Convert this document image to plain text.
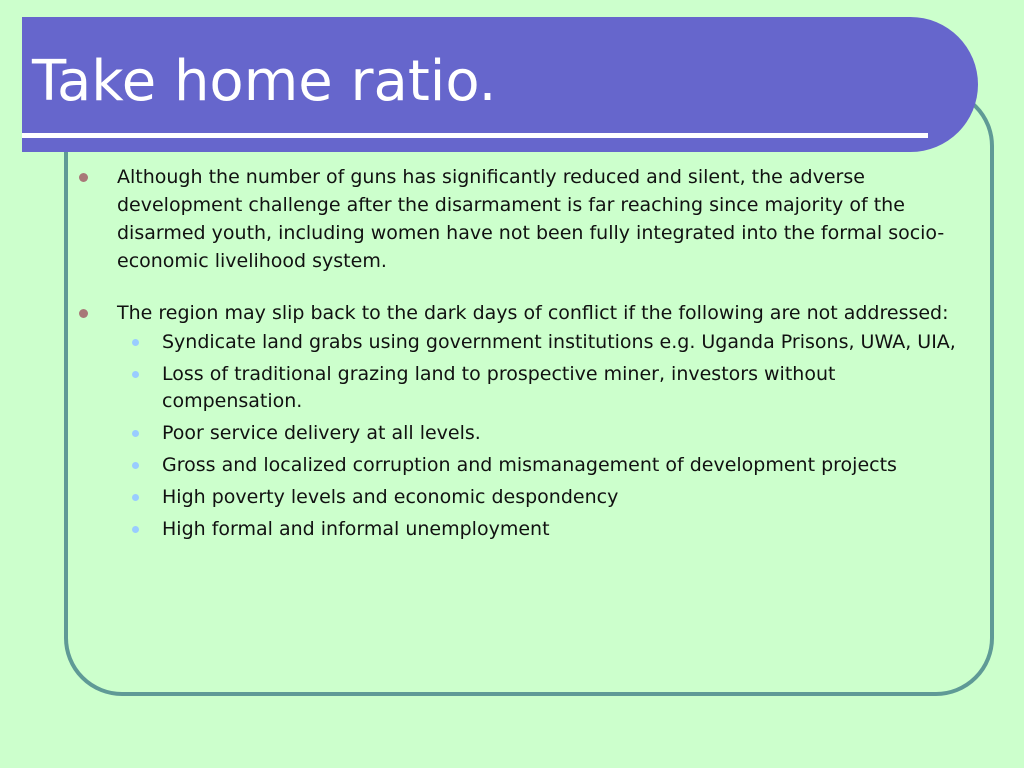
Take home ratio.
Although the number of guns has significantly reduced and silent, the adverse development challenge after the disarmament is far reaching since majority of the disarmed youth, including women have not been fully integrated into the formal socio-economic livelihood system.
The region may slip back to the dark days of conflict if the following are not addressed:
Syndicate land grabs using government institutions e.g. Uganda Prisons, UWA, UIA,
Loss of traditional grazing land to prospective miner, investors without compensation.
Poor service delivery at all levels.
Gross and localized corruption and mismanagement of development projects
High poverty levels and economic despondency
High formal and informal unemployment
